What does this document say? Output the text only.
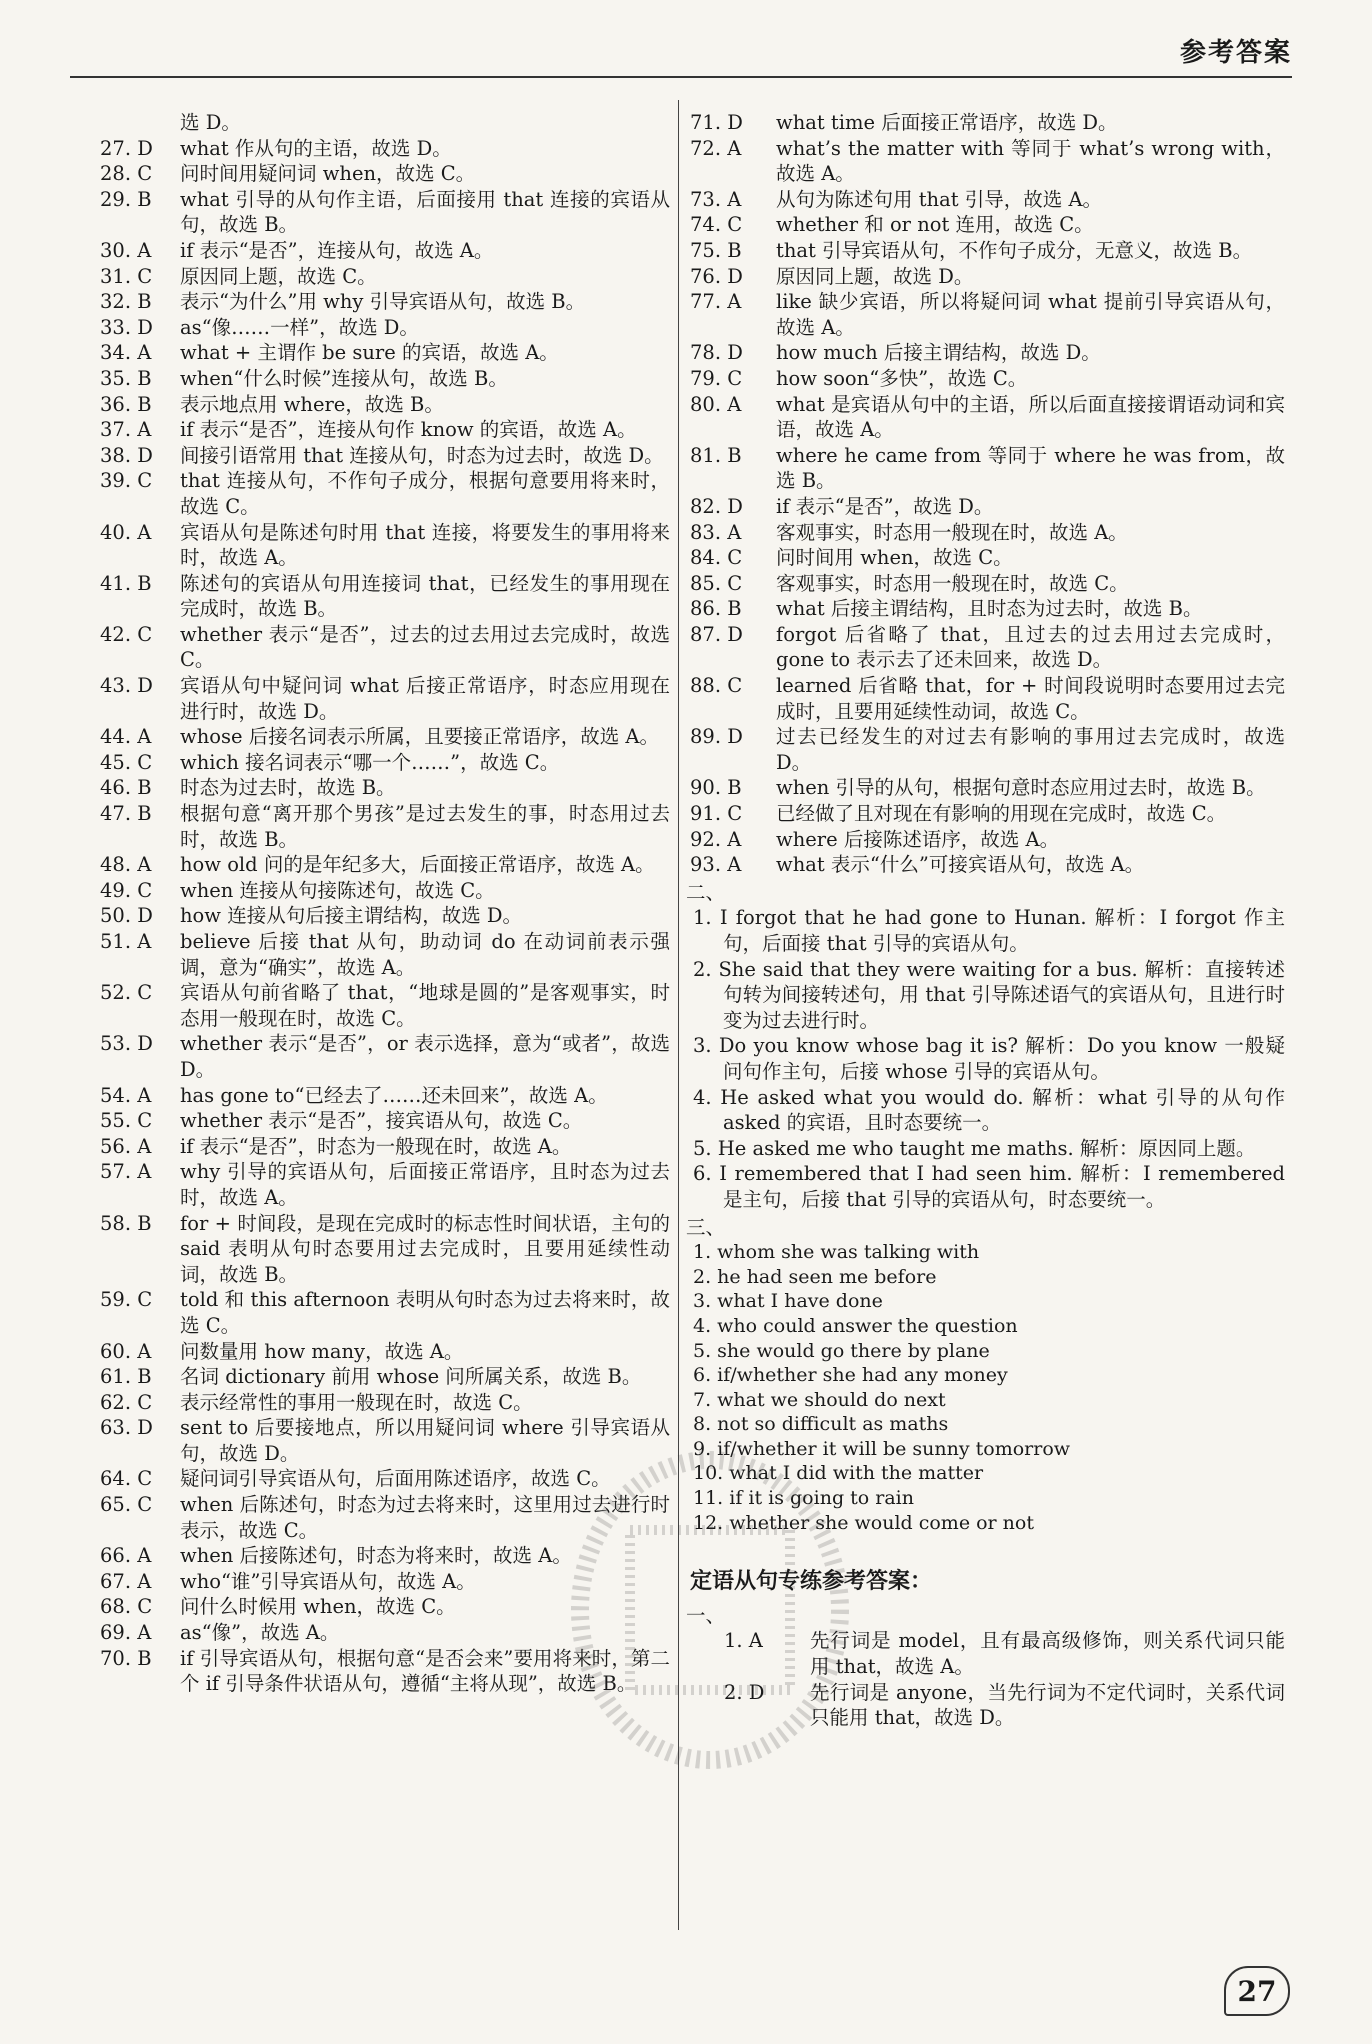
参考答案
选 D。
27. D	what 作从句的主语，故选 D。
28. C	问时间用疑问词 when，故选 C。
29. B	what 引导的从句作主语，后面接用 that 连接的宾语从句，故选 B。
30. A	if 表示“是否”，连接从句，故选 A。
31. C	原因同上题，故选 C。
32. B	表示“为什么”用 why 引导宾语从句，故选 B。
33. D	as“像……一样”，故选 D。
34. A	what + 主谓作 be sure 的宾语，故选 A。
35. B	when“什么时候”连接从句，故选 B。
36. B	表示地点用 where，故选 B。
37. A	if 表示“是否”，连接从句作 know 的宾语，故选 A。
38. D	间接引语常用 that 连接从句，时态为过去时，故选 D。
39. C	that 连接从句，不作句子成分，根据句意要用将来时，故选 C。
40. A	宾语从句是陈述句时用 that 连接，将要发生的事用将来时，故选 A。
41. B	陈述句的宾语从句用连接词 that，已经发生的事用现在完成时，故选 B。
42. C	whether 表示“是否”，过去的过去用过去完成时，故选 C。
43. D	宾语从句中疑问词 what 后接正常语序，时态应用现在进行时，故选 D。
44. A	whose 后接名词表示所属，且要接正常语序，故选 A。
45. C	which 接名词表示“哪一个……”，故选 C。
46. B	时态为过去时，故选 B。
47. B	根据句意“离开那个男孩”是过去发生的事，时态用过去时，故选 B。
48. A	how old 问的是年纪多大，后面接正常语序，故选 A。
49. C	when 连接从句接陈述句，故选 C。
50. D	how 连接从句后接主谓结构，故选 D。
51. A	believe 后接 that 从句，助动词 do 在动词前表示强调，意为“确实”，故选 A。
52. C	宾语从句前省略了 that，“地球是圆的”是客观事实，时态用一般现在时，故选 C。
53. D	whether 表示“是否”，or 表示选择，意为“或者”，故选 D。
54. A	has gone to“已经去了……还未回来”，故选 A。
55. C	whether 表示“是否”，接宾语从句，故选 C。
56. A	if 表示“是否”，时态为一般现在时，故选 A。
57. A	why 引导的宾语从句，后面接正常语序，且时态为过去时，故选 A。
58. B	for + 时间段，是现在完成时的标志性时间状语，主句的 said 表明从句时态要用过去完成时，且要用延续性动词，故选 B。
59. C	told 和 this afternoon 表明从句时态为过去将来时，故选 C。
60. A	问数量用 how many，故选 A。
61. B	名词 dictionary 前用 whose 问所属关系，故选 B。
62. C	表示经常性的事用一般现在时，故选 C。
63. D	sent to 后要接地点，所以用疑问词 where 引导宾语从句，故选 D。
64. C	疑问词引导宾语从句，后面用陈述语序，故选 C。
65. C	when 后陈述句，时态为过去将来时，这里用过去进行时表示，故选 C。
66. A	when 后接陈述句，时态为将来时，故选 A。
67. A	who“谁”引导宾语从句，故选 A。
68. C	问什么时候用 when，故选 C。
69. A	as“像”，故选 A。
70. B	if 引导宾语从句，根据句意“是否会来”要用将来时，第二个 if 引导条件状语从句，遵循“主将从现”，故选 B。
71. D	what time 后面接正常语序，故选 D。
72. A	what’s the matter with 等同于 what’s wrong with，故选 A。
73. A	从句为陈述句用 that 引导，故选 A。
74. C	whether 和 or not 连用，故选 C。
75. B	that 引导宾语从句，不作句子成分，无意义，故选 B。
76. D	原因同上题，故选 D。
77. A	like 缺少宾语，所以将疑问词 what 提前引导宾语从句，故选 A。
78. D	how much 后接主谓结构，故选 D。
79. C	how soon“多快”，故选 C。
80. A	what 是宾语从句中的主语，所以后面直接接谓语动词和宾语，故选 A。
81. B	where he came from 等同于 where he was from，故选 B。
82. D	if 表示“是否”，故选 D。
83. A	客观事实，时态用一般现在时，故选 A。
84. C	问时间用 when，故选 C。
85. C	客观事实，时态用一般现在时，故选 C。
86. B	what 后接主谓结构，且时态为过去时，故选 B。
87. D	forgot 后省略了 that，且过去的过去用过去完成时，gone to 表示去了还未回来，故选 D。
88. C	learned 后省略 that，for + 时间段说明时态要用过去完成时，且要用延续性动词，故选 C。
89. D	过去已经发生的对过去有影响的事用过去完成时，故选 D。
90. B	when 引导的从句，根据句意时态应用过去时，故选 B。
91. C	已经做了且对现在有影响的用现在完成时，故选 C。
92. A	where 后接陈述语序，故选 A。
93. A	what 表示“什么”可接宾语从句，故选 A。
二、
1. I forgot that he had gone to Hunan. 解析：I forgot 作主句，后面接 that 引导的宾语从句。
2. She said that they were waiting for a bus. 解析：直接转述句转为间接转述句，用 that 引导陈述语气的宾语从句，且进行时变为过去进行时。
3. Do you know whose bag it is? 解析：Do you know 一般疑问句作主句，后接 whose 引导的宾语从句。
4. He asked what you would do. 解析：what 引导的从句作 asked 的宾语，且时态要统一。
5. He asked me who taught me maths. 解析：原因同上题。
6. I remembered that I had seen him. 解析：I remembered 是主句，后接 that 引导的宾语从句，时态要统一。
三、
1. whom she was talking with
2. he had seen me before
3. what I have done
4. who could answer the question
5. she would go there by plane
6. if/whether she had any money
7. what we should do next
8. not so difficult as maths
9. if/whether it will be sunny tomorrow
10. what I did with the matter
11. if it is going to rain
12. whether she would come or not
定语从句专练参考答案：
一、
1. A	先行词是 model，且有最高级修饰，则关系代词只能用 that，故选 A。
2. D	先行词是 anyone，当先行词为不定代词时，关系代词只能用 that，故选 D。
27
